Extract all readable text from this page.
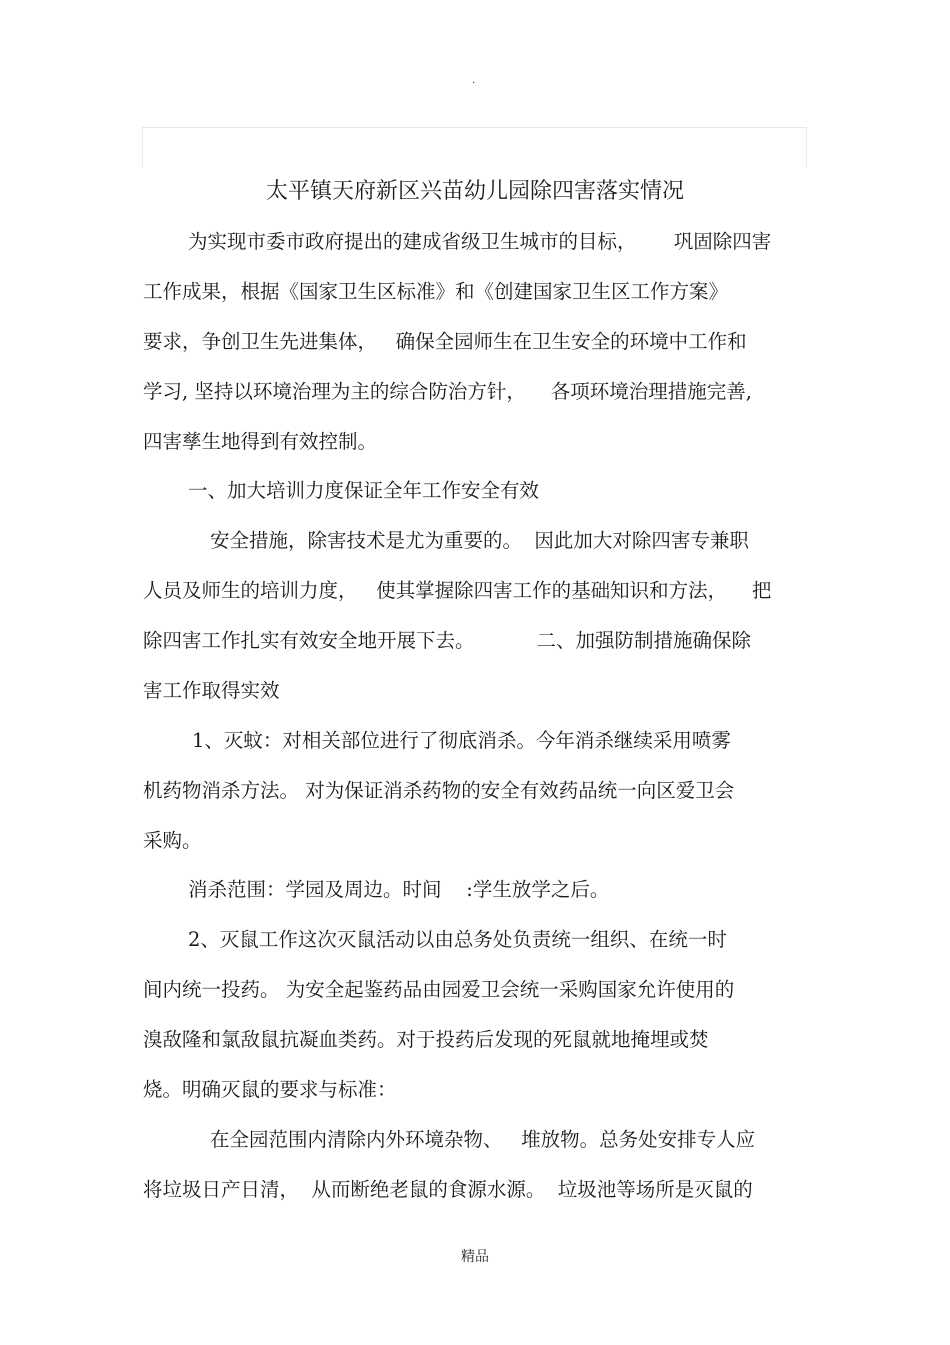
.
太平镇天府新区兴苗幼儿园除四害落实情况
为实现市委市政府提出的建成省级卫生城市的目标，      巩固除四害
工作成果，根据《国家卫生区标准》和《创建国家卫生区工作方案》
要求，争创卫生先进集体，   确保全园师生在卫生安全的环境中工作和
学习, 坚持以环境治理为主的综合防治方针，    各项环境治理措施完善,
四害孳生地得到有效控制。
一、加大培训力度保证全年工作安全有效
安全措施，除害技术是尤为重要的。  因此加大对除四害专兼职
人员及师生的培训力度，   使其掌握除四害工作的基础知识和方法，    把
除四害工作扎实有效安全地开展下去。          二、加强防制措施确保除
害工作取得实效
1、灭蚊：对相关部位进行了彻底消杀。今年消杀继续采用喷雾
机药物消杀方法。 对为保证消杀药物的安全有效药品统一向区爱卫会
采购。
消杀范围：学园及周边。时间    :学生放学之后。
2、灭鼠工作这次灭鼠活动以由总务处负责统一组织、在统一时
间内统一投药。 为安全起鉴药品由园爱卫会统一采购国家允许使用的
溴敌隆和氯敌鼠抗凝血类药。对于投药后发现的死鼠就地掩埋或焚
烧。明确灭鼠的要求与标准：
在全园范围内清除内外环境杂物、   堆放物。总务处安排专人应
将垃圾日产日清，  从而断绝老鼠的食源水源。  垃圾池等场所是灭鼠的
精品
